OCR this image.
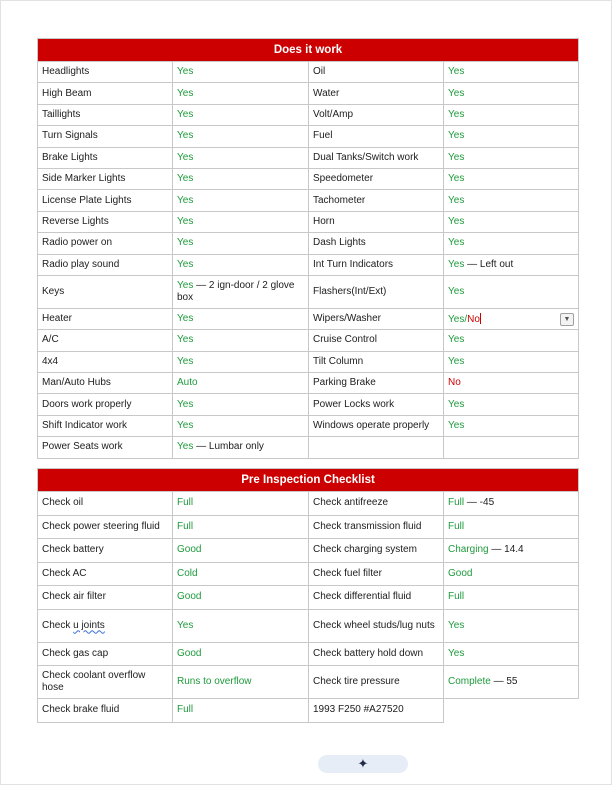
Does it work			
Headlights	Yes	Oil	Yes
High Beam	Yes	Water	Yes
Taillights	Yes	Volt/Amp	Yes
Turn Signals	Yes	Fuel	Yes
Brake Lights	Yes	Dual Tanks/Switch work	Yes
Side Marker Lights	Yes	Speedometer	Yes
License Plate Lights	Yes	Tachometer	Yes
Reverse Lights	Yes	Horn	Yes
Radio power on	Yes	Dash Lights	Yes
Radio play sound	Yes	Int Turn Indicators	Yes — Left out
Keys	Yes — 2 ign-door / 2 glove box	Flashers(Int/Ext)	Yes
Heater	Yes	Wipers/Washer	Yes/No ▼

A/C	Yes	Cruise Control	Yes
4x4	Yes	Tilt Column	Yes
Man/Auto Hubs	Auto	Parking Brake	No
Doors work properly	Yes	Power Locks work	Yes
Shift Indicator work	Yes	Windows operate properly	Yes
Power Seats work	Yes — Lumbar only		
Pre Inspection Checklist			
Check oil	Full	Check antifreeze	Full — -45
Check power steering fluid	Full	Check transmission fluid	Full
Check battery	Good	Check charging system	Charging — 14.4
Check AC	Cold	Check fuel filter	Good
Check air filter	Good	Check differential fluid	Full
Check u joints	Yes	Check wheel studs/lug nuts	Yes
Check gas cap	Good	Check battery hold down	Yes
Check coolant overflow hose	Runs to overflow	Check tire pressure	Complete — 55
Check brake fluid	Full	1993 F250 #A27520	
✦
